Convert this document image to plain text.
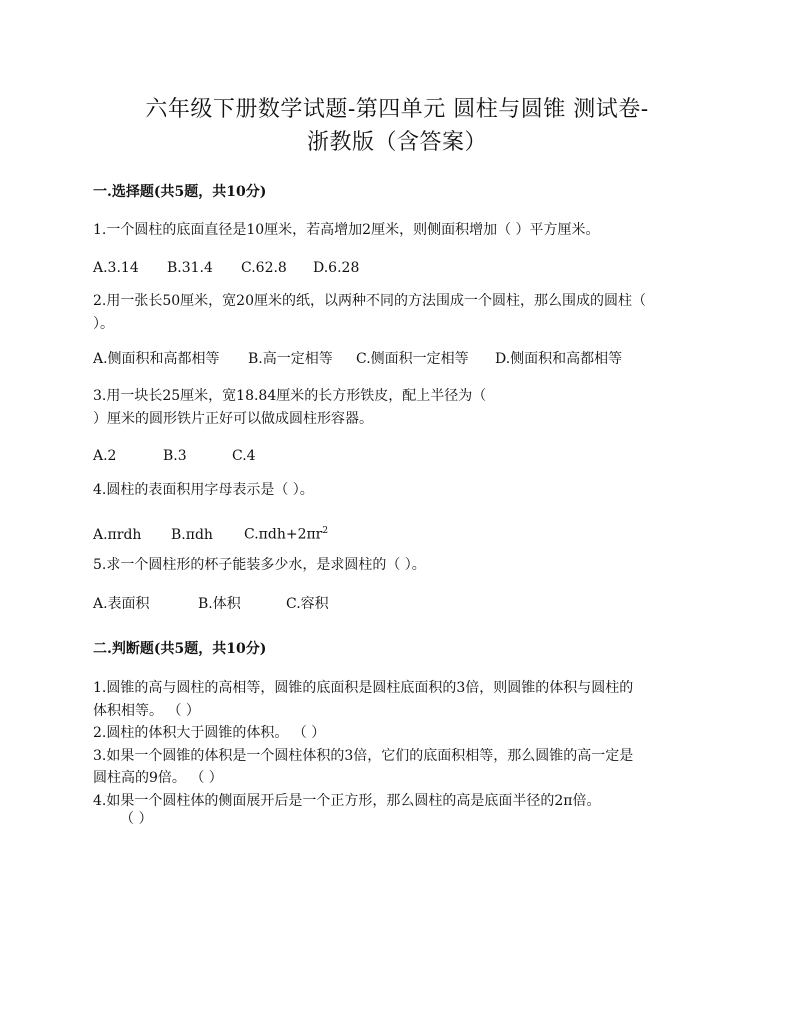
六年级下册数学试题-第四单元 圆柱与圆锥 测试卷-
浙教版（含答案）
一.选择题(共5题，共10分)
1.一个圆柱的底面直径是10厘米，若高增加2厘米，则侧面积增加（ ）平方厘米。
A.3.14 B.31.4 C.62.8 D.6.28
2.用一张长50厘米，宽20厘米的纸，以两种不同的方法围成一个圆柱，那么围成的圆柱（
）。
A.侧面积和高都相等 B.高一定相等 C.侧面积一定相等 D.侧面积和高都相等
3.用一块长25厘米，宽18.84厘米的长方形铁皮，配上半径为（
）厘米的圆形铁片正好可以做成圆柱形容器。
A.2	B.3	C.4
4.圆柱的表面积用字母表示是（ ）。
A.πrdh B.πdh $C.\pi dh+2\pi r^2$
5.求一个圆柱形的杯子能装多少水，是求圆柱的（ ）。
A.表面积	B.体积	C.容积
二.判断题(共5题，共10分)
1.圆锥的高与圆柱的高相等，圆锥的底面积是圆柱底面积的3倍，则圆锥的体积与圆柱的
体积相等。 （ ）
2.圆柱的体积大于圆锥的体积。 （ ）
3.如果一个圆锥的体积是一个圆柱体积的3倍，它们的底面积相等，那么圆锥的高一定是
圆柱高的9倍。 （ ）
4.如果一个圆柱体的侧面展开后是一个正方形，那么圆柱的高是底面半径的2π倍。
（ ）
